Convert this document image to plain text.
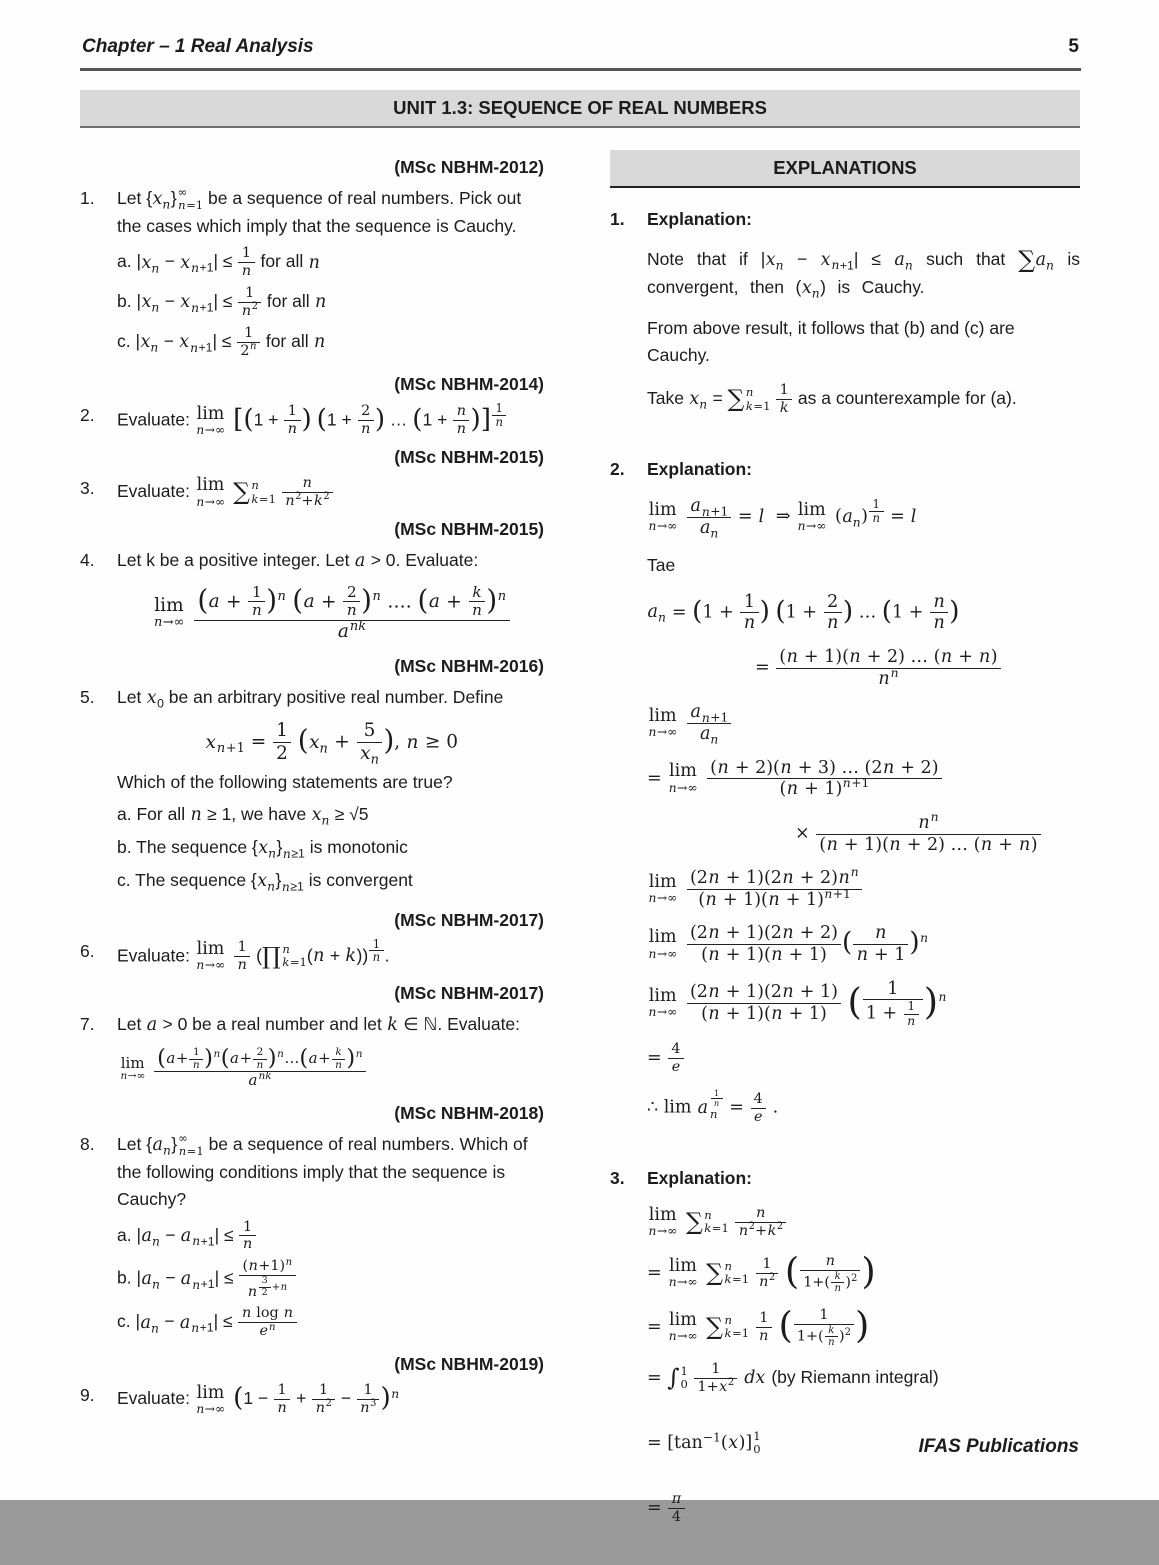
Chapter – 1 Real Analysis	5
UNIT 1.3: SEQUENCE OF REAL NUMBERS
(MSc NBHM-2012)
1.	Let $\{x_n\}$ ∞
n=1 be a sequence of real numbers. Pick out the cases which imply that the sequence is Cauchy.
a. $|x_n - x_{n+1}| \le \frac{1}{n}$ for all n
b. $|x_n - x_{n+1}| \le \frac{1}{n^2}$ for all n
c. $|x_n - x_{n+1}| \le \frac{1}{2^n}$ for all n
(MSc NBHM-2014)
2.	Evaluate: lim
n→∞ [($1 + \frac{1}{n}$ ) ($1 + \frac{2}{n}$ ) … ($1 + \frac{n}{n}$ )] $^{\frac{1}{n}}$
(MSc NBHM-2015)
3.	Evaluate: lim
n→∞ ∑ n
k=1
$\frac{n}{n^2+k^2}$
(MSc NBHM-2015)
4.	Let k be a positive integer. Let a > 0. Evaluate:
lim
n→∞

$(a + \frac{1}{n} )^n$ $(a + \frac{2}{n} )^n$ …. $(a + \frac{k}{n} )^n$
$a^{nk}$
(MSc NBHM-2016)
5.	Let $x_0$ be an arbitrary positive real number. Define
$x_{n+1} = \frac{1}{2} (x_n + \frac{5}{x_n}$ ), n ≥ 0
Which of the following statements are true?
a. For all n ≥ 1, we have $x_n \ge √5$
b. The sequence $\{x_n\}_{n\ge 1}$ is monotonic
c. The sequence $\{x_n\}_{n\ge 1}$ is convergent
(MSc NBHM-2017)
6.	Evaluate: lim
n→∞
$\frac{1}{n}$ (∏ n
k=1 (n + k)) $^{\frac{1}{n}}$ .
(MSc NBHM-2017)
7.	Let a > 0 be a real number and let k ∈ ℕ. Evaluate:
lim
n→∞

$(a+ \frac{1}{n} )^n(a+ \frac{2}{n}$ )$^n\dots(a+ \frac{k}{n} )^n$
$a^{nk}$
(MSc NBHM-2018)
8.	Let $\{a_n\}$ ∞
n=1 be a sequence of real numbers. Which of the following conditions imply that the sequence is Cauchy?
a. $|a_n - a_{n+1}| \le \frac{1}{n}$
b. $|a_n - a_{n+1}| \le (n+1)^n$
n $^{\frac{3}{2} +n}$
c. $|a_n - a_{n+1}| \le \frac{\text{n log n}}{e^n}$
(MSc NBHM-2019)
9.	Evaluate: lim
n→∞ $(1 - \frac{1}{n} + \frac{1}{n^2} - \frac{1}{n^3} )^n$
EXPLANATIONS
1.	Explanation:
Note that if $|x_n - x_{n+1}| \le a_n$ such that $\sum a_n$ is convergent, then $(x_n)$ is Cauchy.
From above result, it follows that (b) and (c) are Cauchy.
Take $x_n$ = ∑ n
k=1
$\frac{1}{k}$ as a counterexample for (a).
2.	Explanation:
lim
n→∞
$\frac{a_{n+1}}{a_n} = l$  ⇒ lim
n→∞ $(a_n) ^{\frac{1}{n}} = l$
Tae
$a_n = (1 + \frac{1}{n}$ ) ($1 + \frac{2}{n}$ ) … ($1 + \frac{n}{n}$ )
= $\frac{(n + 1)(n + 2) \dots (n + n)}{n^n}$
lim
n→∞
$\frac{a_{n+1}}{a_n}$
= lim
n→∞
$\frac{(n + 2)(n + 3) \dots (2n + 2)}{(n + 1)^{n+1}}$
× $\frac{n^n}{(n + 1)(n + 2) \dots (n + n)}$
lim
n→∞
$\frac{(2n + 1)(2n + 2)n^n}{(n + 1)(n + 1)^{n+1}}$
lim
n→∞
$\frac{(2n + 1)(2n + 2)}{(n + 1)(n + 1)}$ ( $\frac{n}{n + 1} )^n$
lim
n→∞
$\frac{(2n + 1)(2n + 1)}{(n + 1)(n + 1)}$ ( $\frac{1}{1 + \frac{1}{n}} )^n$
= $\frac{4}{e}$
∴ lim a $\frac{1}{n}$
$n = \frac{4}{e}$ .
3.	Explanation:
lim
n→∞ ∑ n
k=1
$\frac{n}{n^2+k^2}$
= lim
n→∞ ∑ n
k=1
$\frac{1}{n^2}$ ( $\frac{n}{1+( \frac{k}{n} )^2}$ )
= lim
n→∞ ∑ n
k=1
$\frac{1}{n}$ ( $\frac{1}{1+( \frac{k}{n} )^2}$ )
= ∫ 1
0
$\frac{1}{1+x^2}$ dx (by Riemann integral)
= $[\tan^{-1}(x)]$ 1
0
= $\frac{\pi}{4}$
IFAS Publications
